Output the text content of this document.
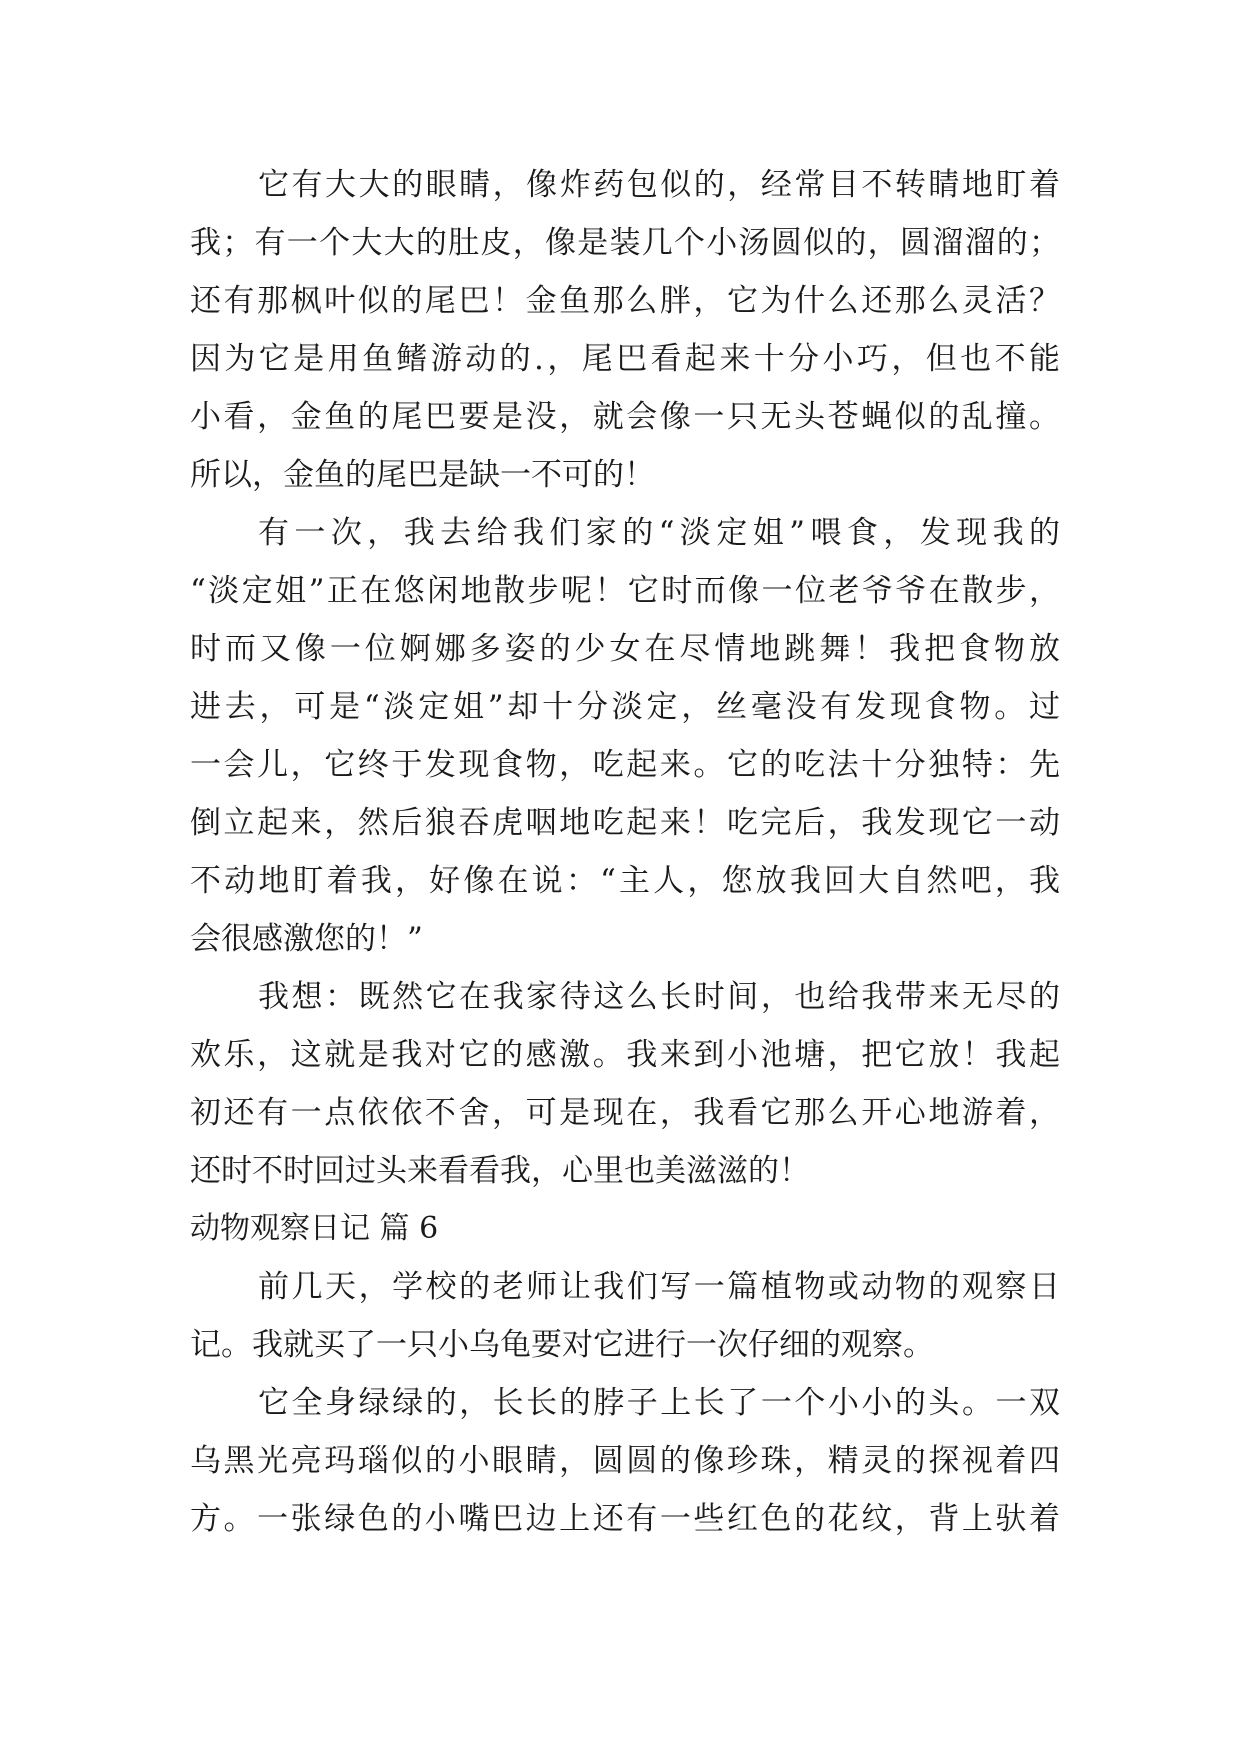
它有大大的眼睛，像炸药包似的，经常目不转睛地盯着
我；有一个大大的肚皮，像是装几个小汤圆似的，圆溜溜的；
还有那枫叶似的尾巴！金鱼那么胖，它为什么还那么灵活？
因为它是用鱼鳍游动的.，尾巴看起来十分小巧，但也不能
小看，金鱼的尾巴要是没，就会像一只无头苍蝇似的乱撞。
所以，金鱼的尾巴是缺一不可的！
有一次，我去给我们家的“淡定姐”喂食，发现我的
“淡定姐”正在悠闲地散步呢！它时而像一位老爷爷在散步，
时而又像一位婀娜多姿的少女在尽情地跳舞！我把食物放
进去，可是“淡定姐”却十分淡定，丝毫没有发现食物。过
一会儿，它终于发现食物，吃起来。它的吃法十分独特：先
倒立起来，然后狼吞虎咽地吃起来！吃完后，我发现它一动
不动地盯着我，好像在说：“主人，您放我回大自然吧，我
会很感激您的！”
我想：既然它在我家待这么长时间，也给我带来无尽的
欢乐，这就是我对它的感激。我来到小池塘，把它放！我起
初还有一点依依不舍，可是现在，我看它那么开心地游着，
还时不时回过头来看看我，心里也美滋滋的！
动物观察日记 篇 6
前几天，学校的老师让我们写一篇植物或动物的观察日
记。我就买了一只小乌龟要对它进行一次仔细的观察。
它全身绿绿的，长长的脖子上长了一个小小的头。一双
乌黑光亮玛瑙似的小眼睛，圆圆的像珍珠，精灵的探视着四
方。一张绿色的小嘴巴边上还有一些红色的花纹，背上驮着
